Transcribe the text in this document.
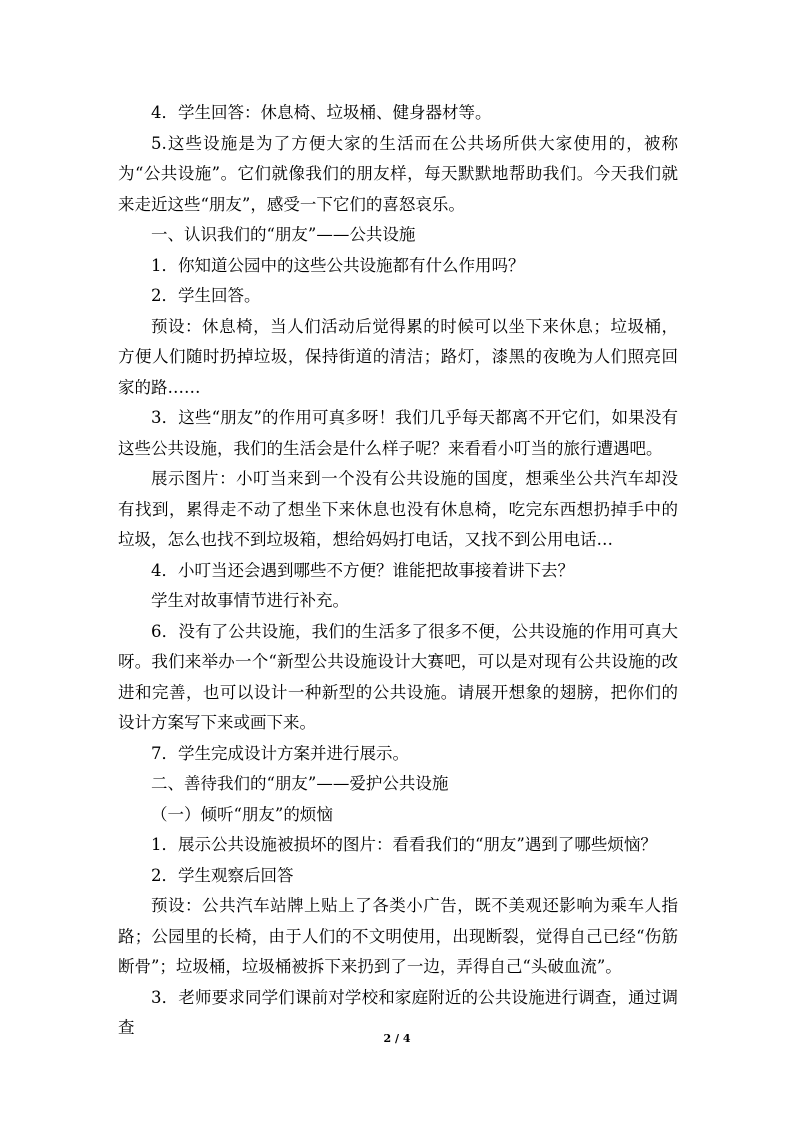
4．学生回答：休息椅、垃圾桶、健身器材等。

5.这些设施是为了方便大家的生活而在公共场所供大家使用的，被称为“公共设施”。它们就像我们的朋友样，每天默默地帮助我们。今天我们就来走近这些“朋友”，感受一下它们的喜怒哀乐。

一、认识我们的“朋友”——公共设施

1．你知道公园中的这些公共设施都有什么作用吗？

2．学生回答。

预设：休息椅，当人们活动后觉得累的时候可以坐下来休息；垃圾桶，方便人们随时扔掉垃圾，保持街道的清洁；路灯，漆黑的夜晚为人们照亮回家的路……

3．这些“朋友”的作用可真多呀！我们几乎每天都离不开它们，如果没有这些公共设施，我们的生活会是什么样子呢？来看看小叮当的旅行遭遇吧。

展示图片：小叮当来到一个没有公共设施的国度，想乘坐公共汽车却没有找到，累得走不动了想坐下来休息也没有休息椅，吃完东西想扔掉手中的垃圾，怎么也找不到垃圾箱，想给妈妈打电话，又找不到公用电话…

4．小叮当还会遇到哪些不方便？谁能把故事接着讲下去？

学生对故事情节进行补充。

6．没有了公共设施，我们的生活多了很多不便，公共设施的作用可真大呀。我们来举办一个“新型公共设施设计大赛吧，可以是对现有公共设施的改进和完善，也可以设计一种新型的公共设施。请展开想象的翅膀，把你们的设计方案写下来或画下来。

7．学生完成设计方案并进行展示。

二、善待我们的“朋友”——爱护公共设施

（一）倾听“朋友”的烦恼

1．展示公共设施被损坏的图片：看看我们的“朋友”遇到了哪些烦恼？

2．学生观察后回答

预设：公共汽车站牌上贴上了各类小广告，既不美观还影响为乘车人指路；公园里的长椅，由于人们的不文明使用，出现断裂，觉得自己已经“伤筋断骨”；垃圾桶，垃圾桶被拆下来扔到了一边，弄得自己“头破血流”。

3．老师要求同学们课前对学校和家庭附近的公共设施进行调查，通过调查

2 / 4
